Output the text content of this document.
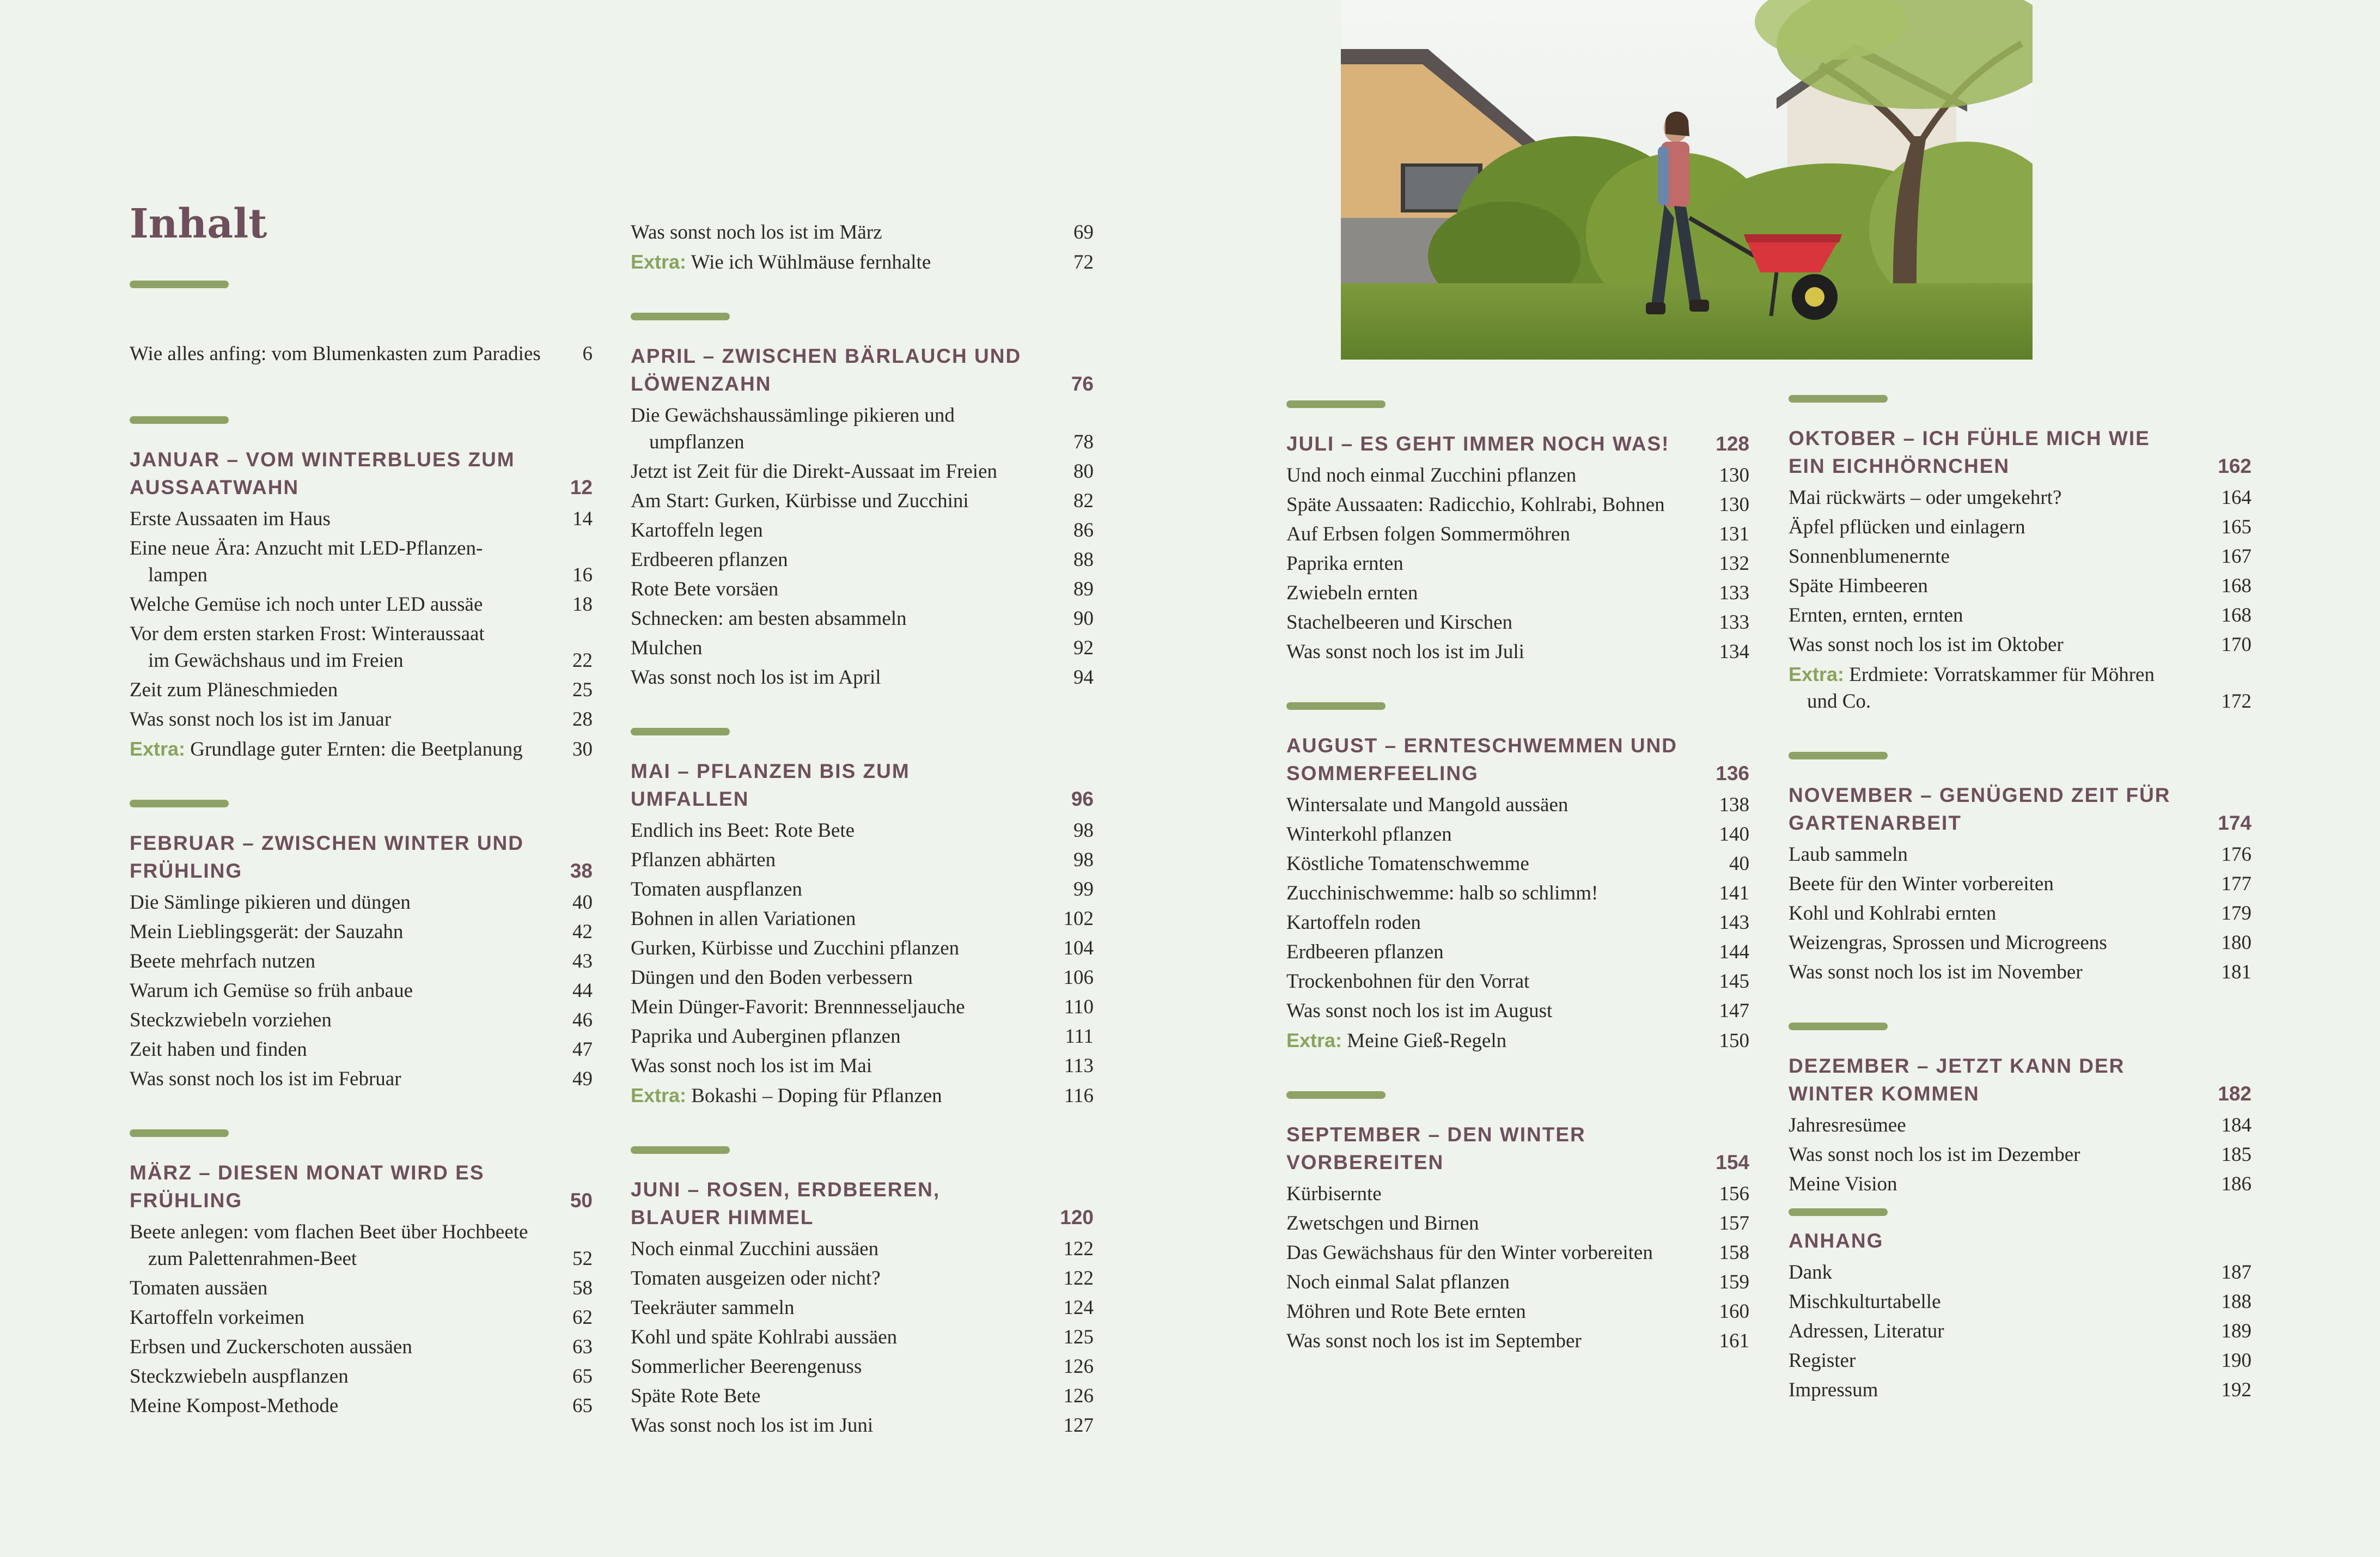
Inhalt
Wie alles anfing: vom Blumenkasten zum Paradies 6
JANUAR – VOM WINTERBLUES ZUM AUSSAATWAHN	12
Erste Aussaaten im Haus	14
Eine neue Ära: Anzucht mit LED-Pflanzen-
lampen	16
Welche Gemüse ich noch unter LED aussäe	18
Vor dem ersten starken Frost: Winteraussaat
im Gewächshaus und im Freien	22
Zeit zum Pläneschmieden	25
Was sonst noch los ist im Januar	28
Extra: Grundlage guter Ernten: die Beetplanung 30
FEBRUAR – ZWISCHEN WINTER UND FRÜHLING	38
Die Sämlinge pikieren und düngen	40
Mein Lieblingsgerät: der Sauzahn	42
Beete mehrfach nutzen	43
Warum ich Gemüse so früh anbaue	44
Steckzwiebeln vorziehen	46
Zeit haben und finden	47
Was sonst noch los ist im Februar	49
MÄRZ – DIESEN MONAT WIRD ES FRÜHLING	50
Beete anlegen: vom flachen Beet über Hochbeete
zum Palettenrahmen-Beet	52
Tomaten aussäen	58
Kartoffeln vorkeimen	62
Erbsen und Zuckerschoten aussäen	63
Steckzwiebeln auspflanzen	65
Meine Kompost-Methode	65
Was sonst noch los ist im März	69
Extra: Wie ich Wühlmäuse fernhalte	72
APRIL – ZWISCHEN BÄRLAUCH UND LÖWENZAHN	76
Die Gewächshaussämlinge pikieren und
umpflanzen	78
Jetzt ist Zeit für die Direkt-Aussaat im Freien	80
Am Start: Gurken, Kürbisse und Zucchini	82
Kartoffeln legen	86
Erdbeeren pflanzen	88
Rote Bete vorsäen	89
Schnecken: am besten absammeln	90
Mulchen	92
Was sonst noch los ist im April	94
MAI – PFLANZEN BIS ZUM UMFALLEN	96
Endlich ins Beet: Rote Bete	98
Pflanzen abhärten	98
Tomaten auspflanzen	99
Bohnen in allen Variationen	102
Gurken, Kürbisse und Zucchini pflanzen	104
Düngen und den Boden verbessern	106
Mein Dünger-Favorit: Brennnesseljauche	110
Paprika und Auberginen pflanzen	111
Was sonst noch los ist im Mai	113
Extra: Bokashi – Doping für Pflanzen	116
JUNI – ROSEN, ERDBEEREN, BLAUER HIMMEL	120
Noch einmal Zucchini aussäen	122
Tomaten ausgeizen oder nicht?	122
Teekräuter sammeln	124
Kohl und späte Kohlrabi aussäen	125
Sommerlicher Beerengenuss	126
Späte Rote Bete	126
Was sonst noch los ist im Juni	127
JULI – ES GEHT IMMER NOCH WAS! 128
Und noch einmal Zucchini pflanzen	130
Späte Aussaaten: Radicchio, Kohlrabi, Bohnen	130
Auf Erbsen folgen Sommermöhren	131
Paprika ernten	132
Zwiebeln ernten	133
Stachelbeeren und Kirschen	133
Was sonst noch los ist im Juli	134
AUGUST – ERNTESCHWEMMEN UND SOMMERFEELING	136
Wintersalate und Mangold aussäen	138
Winterkohl pflanzen	140
Köstliche Tomatenschwemme	40
Zucchinischwemme: halb so schlimm!	141
Kartoffeln roden	143
Erdbeeren pflanzen	144
Trockenbohnen für den Vorrat	145
Was sonst noch los ist im August	147
Extra: Meine Gieß-Regeln	150
SEPTEMBER – DEN WINTER VORBEREITEN	154
Kürbisernte	156
Zwetschgen und Birnen	157
Das Gewächshaus für den Winter vorbereiten	158
Noch einmal Salat pflanzen	159
Möhren und Rote Bete ernten	160
Was sonst noch los ist im September	161
OKTOBER – ICH FÜHLE MICH WIE EIN EICHHÖRNCHEN	162
Mai rückwärts – oder umgekehrt?	164
Äpfel pflücken und einlagern	165
Sonnenblumenernte	167
Späte Himbeeren	168
Ernten, ernten, ernten	168
Was sonst noch los ist im Oktober	170
Extra: Erdmiete: Vorratskammer für Möhren
und Co.	172
NOVEMBER – GENÜGEND ZEIT FÜR GARTENARBEIT	174
Laub sammeln	176
Beete für den Winter vorbereiten	177
Kohl und Kohlrabi ernten	179
Weizengras, Sprossen und Microgreens	180
Was sonst noch los ist im November	181
DEZEMBER – JETZT KANN DER WINTER KOMMEN	182
Jahresresümee	184
Was sonst noch los ist im Dezember	185
Meine Vision	186
ANHANG
Dank	187
Mischkulturtabelle	188
Adressen, Literatur	189
Register	190
Impressum	192
